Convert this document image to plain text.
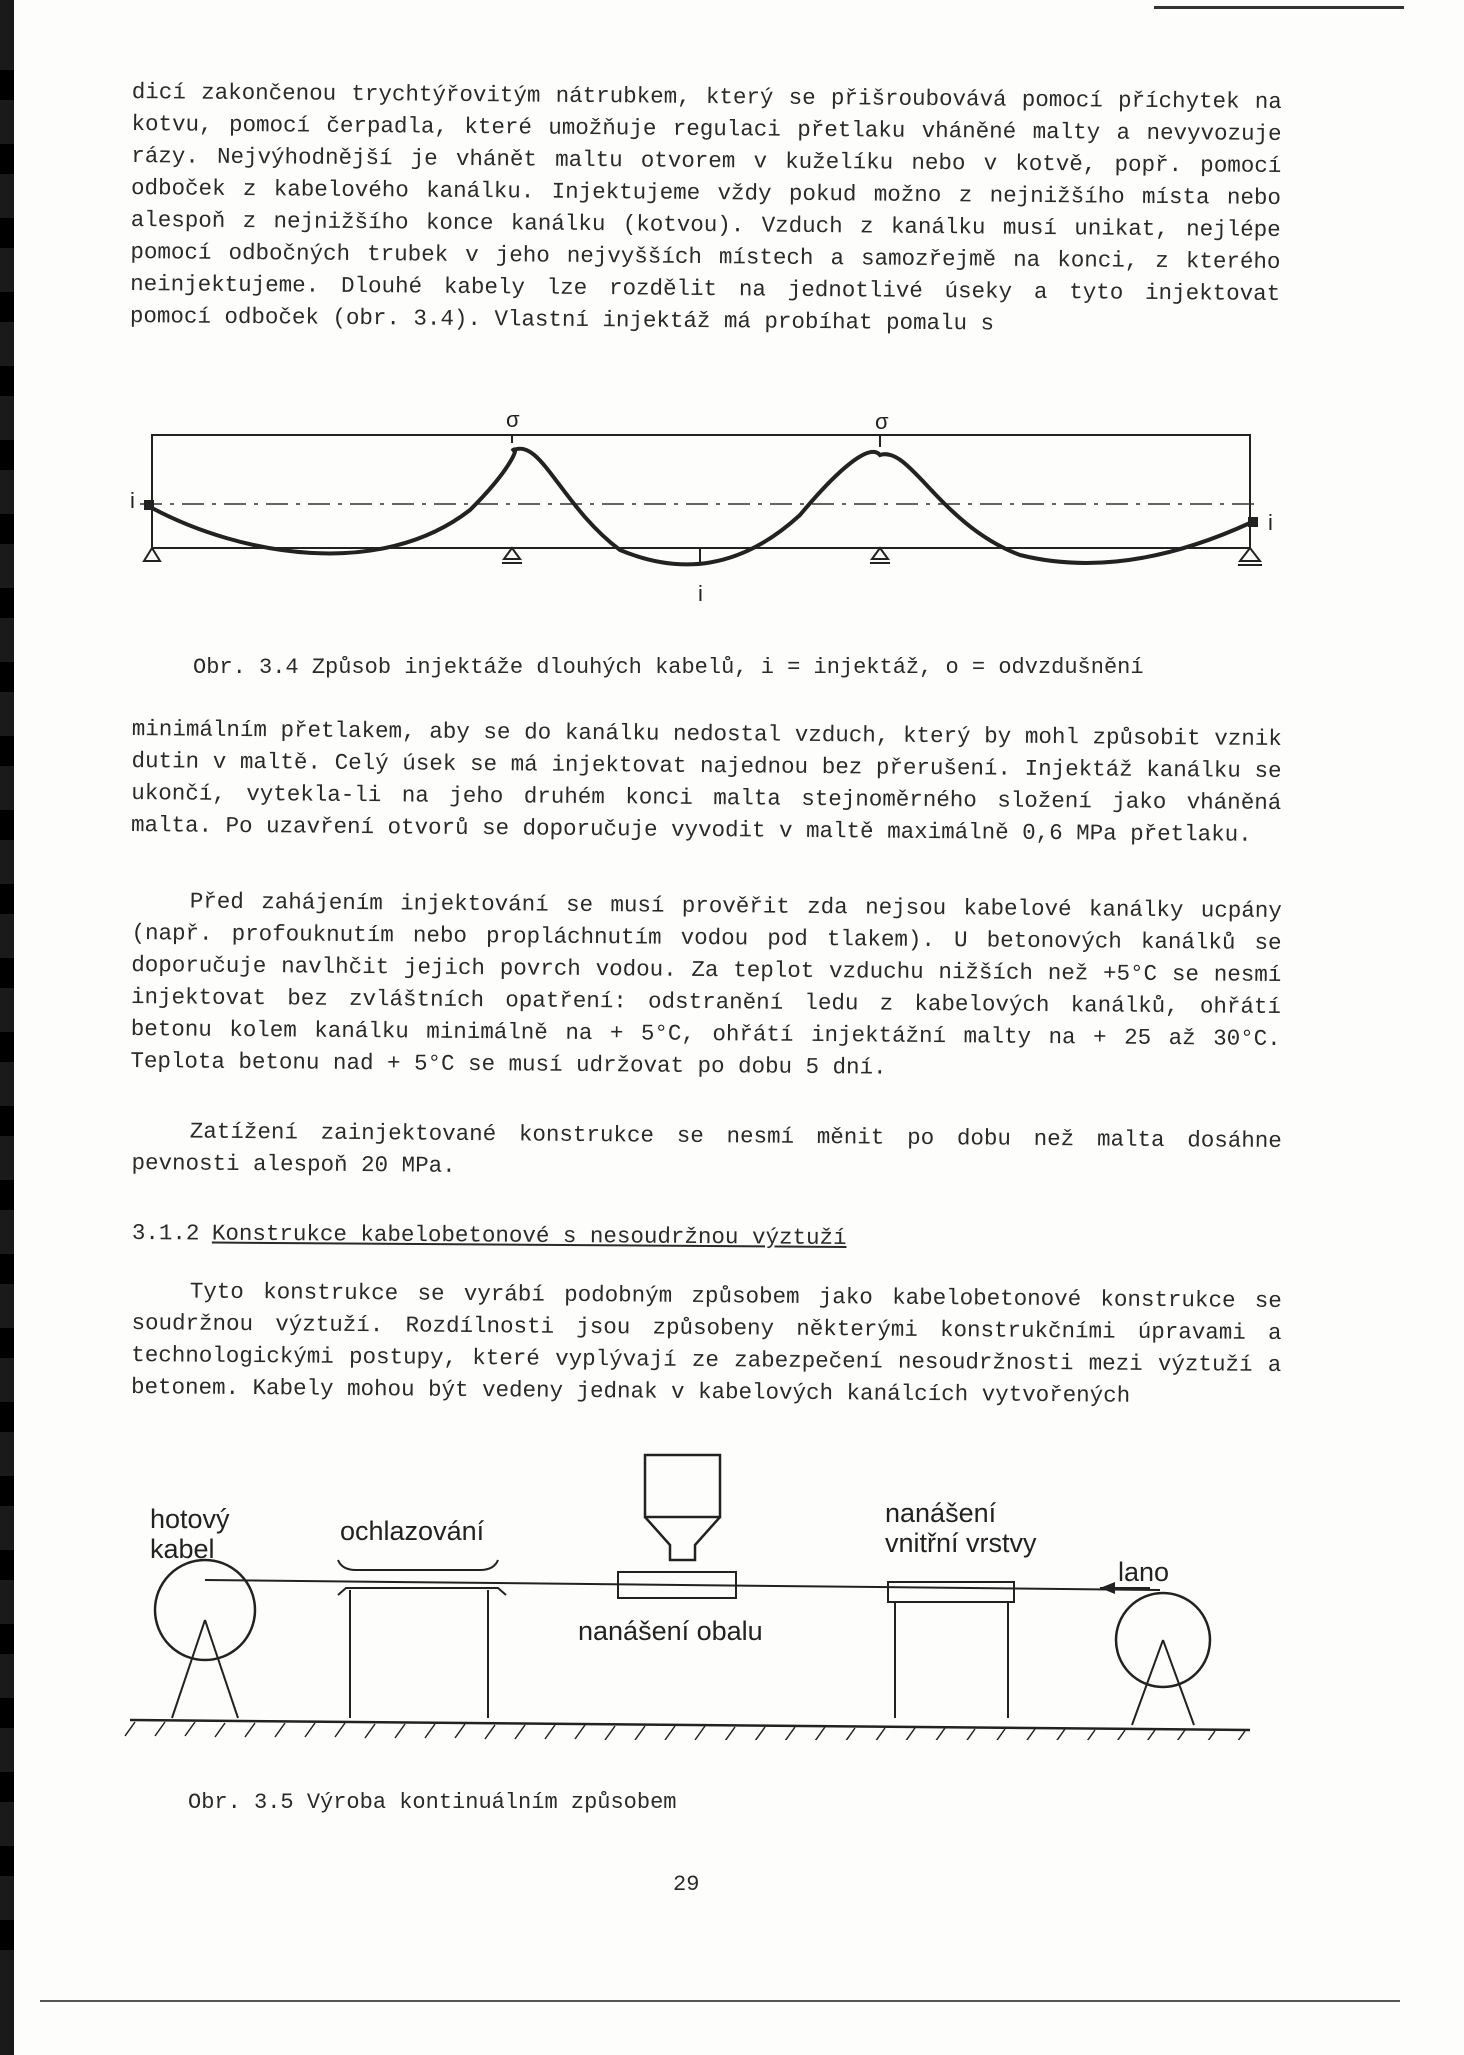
dicí zakončenou trychtýřovitým nátrubkem, který se přišroubovává pomocí příchytek na kotvu, pomocí čerpadla, které umožňuje regulaci přetlaku vháněné malty a nevyvozuje rázy. Nejvýhodnější je vhánět maltu otvorem v kuželíku nebo v kotvě, popř. pomocí odboček z kabelového kanálku. Injektujeme vždy pokud možno z nejnižšího místa nebo alespoň z nejnižšího konce kanálku (kotvou). Vzduch z kanálku musí unikat, nejlépe pomocí odbočných trubek v jeho nejvyšších místech a samozřejmě na konci, z kterého neinjektujeme. Dlouhé kabely lze rozdělit na jednotlivé úseky a tyto injektovat pomocí odboček (obr. 3.4). Vlastní injektáž má probíhat pomalu s

σ	σ
i
i
i

Obr. 3.4 Způsob injektáže dlouhých kabelů, i = injektáž, o = odvzdušnění

minimálním přetlakem, aby se do kanálku nedostal vzduch, který by mohl způsobit vznik dutin v maltě. Celý úsek se má injektovat najednou bez přerušení. Injektáž kanálku se ukončí, vytekla-li na jeho druhém konci malta stejnoměrného složení jako vháněná malta. Po uzavření otvorů se doporučuje vyvodit v maltě maximálně 0,6 MPa přetlaku.

Před zahájením injektování se musí prověřit zda nejsou kabelové kanálky ucpány (např. profouknutím nebo propláchnutím vodou pod tlakem). U betonových kanálků se doporučuje navlhčit jejich povrch vodou. Za teplot vzduchu nižších než +5°C se nesmí injektovat bez zvláštních opatření: odstranění ledu z kabelových kanálků, ohřátí betonu kolem kanálku minimálně na + 5°C, ohřátí injektážní malty na + 25 až 30°C. Teplota betonu nad + 5°C se musí udržovat po dobu 5 dní.

Zatížení zainjektované konstrukce se nesmí měnit po dobu než malta dosáhne pevnosti alespoň 20 MPa.

3.1.2 Konstrukce kabelobetonové s nesoudržnou výztuží

Tyto konstrukce se vyrábí podobným způsobem jako kabelobetonové konstrukce se soudržnou výztuží. Rozdílnosti jsou způsobeny některými konstrukčními úpravami a technologickými postupy, které vyplývají ze zabezpečení nesoudržnosti mezi výztuží a betonem. Kabely mohou být vedeny jednak v kabelových kanálcích vytvořených

hotový
kabel
ochlazování
nanášení
vnitřní vrstvy
lano
nanášení obalu

Obr. 3.5 Výroba kontinuálním způsobem

29
